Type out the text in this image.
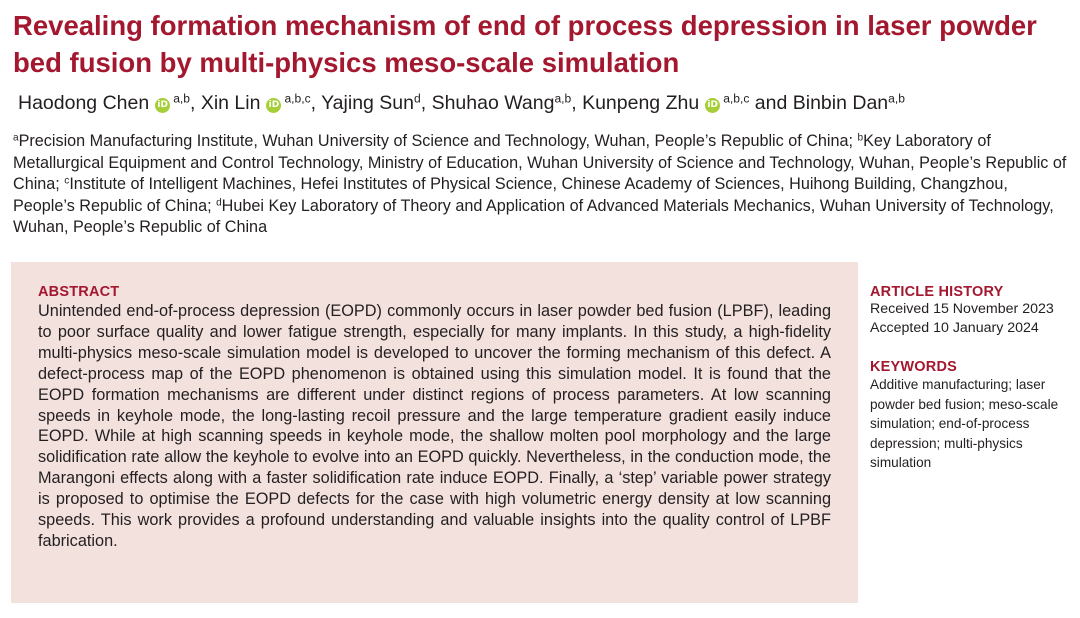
Revealing formation mechanism of end of process depression in laser powder bed fusion by multi-physics meso-scale simulation
Haodong Chen iD $^{a,b}$, Xin Lin iD $^{a,b,c}$, Yajing Sun$^d$, Shuhao Wang$^{a,b}$, Kunpeng Zhu iD $^{a,b,c}$ and Binbin Dan$^{a,b}$
$^a$Precision Manufacturing Institute, Wuhan University of Science and Technology, Wuhan, People’s Republic of China; $^b$Key Laboratory of Metallurgical Equipment and Control Technology, Ministry of Education, Wuhan University of Science and Technology, Wuhan, People’s Republic of China; $^c$Institute of Intelligent Machines, Hefei Institutes of Physical Science, Chinese Academy of Sciences, Huihong Building, Changzhou, People’s Republic of China; $^d$Hubei Key Laboratory of Theory and Application of Advanced Materials Mechanics, Wuhan University of Technology, Wuhan, People’s Republic of China
ABSTRACT

Unintended end-of-process depression (EOPD) commonly occurs in laser powder bed fusion (LPBF), leading to poor surface quality and lower fatigue strength, especially for many implants. In this study, a high-fidelity multi-physics meso-scale simulation model is developed to uncover the forming mechanism of this defect. A defect-process map of the EOPD phenomenon is obtained using this simulation model. It is found that the EOPD formation mechanisms are different under distinct regions of process parameters. At low scanning speeds in keyhole mode, the long-lasting recoil pressure and the large temperature gradient easily induce EOPD. While at high scanning speeds in keyhole mode, the shallow molten pool morphology and the large solidification rate allow the keyhole to evolve into an EOPD quickly. Nevertheless, in the conduction mode, the Marangoni effects along with a faster solidification rate induce EOPD. Finally, a ‘step’ variable power strategy is proposed to optimise the EOPD defects for the case with high volumetric energy density at low scanning speeds. This work provides a profound understanding and valuable insights into the quality control of LPBF fabrication.

ARTICLE HISTORY
Received 15 November 2023
Accepted 10 January 2024
KEYWORDS
Additive manufacturing; laser powder bed fusion; meso-scale simulation; end-of-process depression; multi-physics simulation
